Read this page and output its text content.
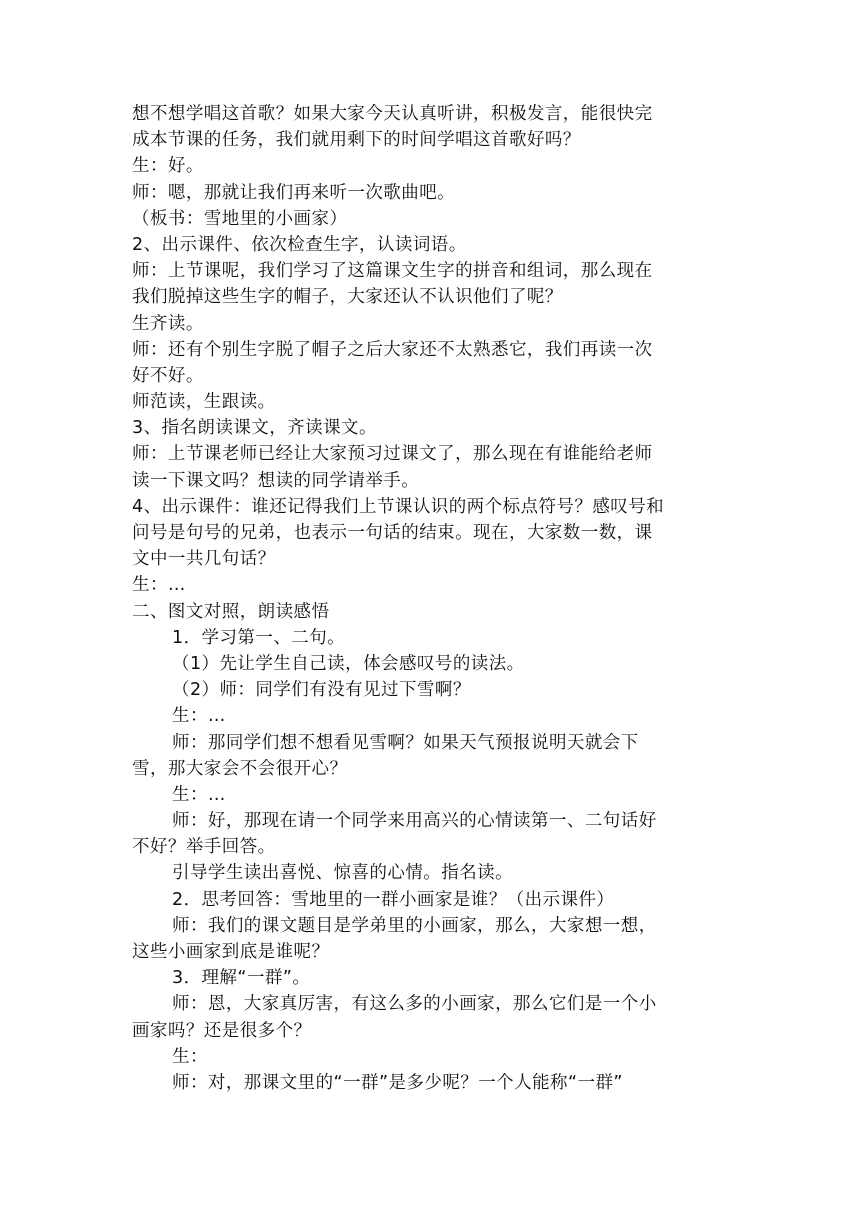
想不想学唱这首歌？如果大家今天认真听讲，积极发言，能很快完
成本节课的任务，我们就用剩下的时间学唱这首歌好吗？
生：好。
师：嗯，那就让我们再来听一次歌曲吧。
（板书：雪地里的小画家）
2、出示课件、依次检查生字，认读词语。
师：上节课呢，我们学习了这篇课文生字的拼音和组词，那么现在
我们脱掉这些生字的帽子，大家还认不认识他们了呢？
生齐读。
师：还有个别生字脱了帽子之后大家还不太熟悉它，我们再读一次
好不好。
师范读，生跟读。
3、指名朗读课文，齐读课文。
师：上节课老师已经让大家预习过课文了，那么现在有谁能给老师
读一下课文吗？想读的同学请举手。
4、出示课件：谁还记得我们上节课认识的两个标点符号？感叹号和
问号是句号的兄弟，也表示一句话的结束。现在，大家数一数，课
文中一共几句话？
生：…
二、图文对照，朗读感悟
1．学习第一、二句。
（1）先让学生自己读，体会感叹号的读法。
（2）师：同学们有没有见过下雪啊？
生：…
师：那同学们想不想看见雪啊？如果天气预报说明天就会下
雪，那大家会不会很开心？
生：…
师：好，那现在请一个同学来用高兴的心情读第一、二句话好
不好？举手回答。
引导学生读出喜悦、惊喜的心情。指名读。
2．思考回答：雪地里的一群小画家是谁？（出示课件）
师：我们的课文题目是学弟里的小画家，那么，大家想一想，
这些小画家到底是谁呢？
3．理解“一群”。
师：恩，大家真厉害，有这么多的小画家，那么它们是一个小
画家吗？还是很多个？
生：
师：对，那课文里的“一群”是多少呢？一个人能称“一群”
